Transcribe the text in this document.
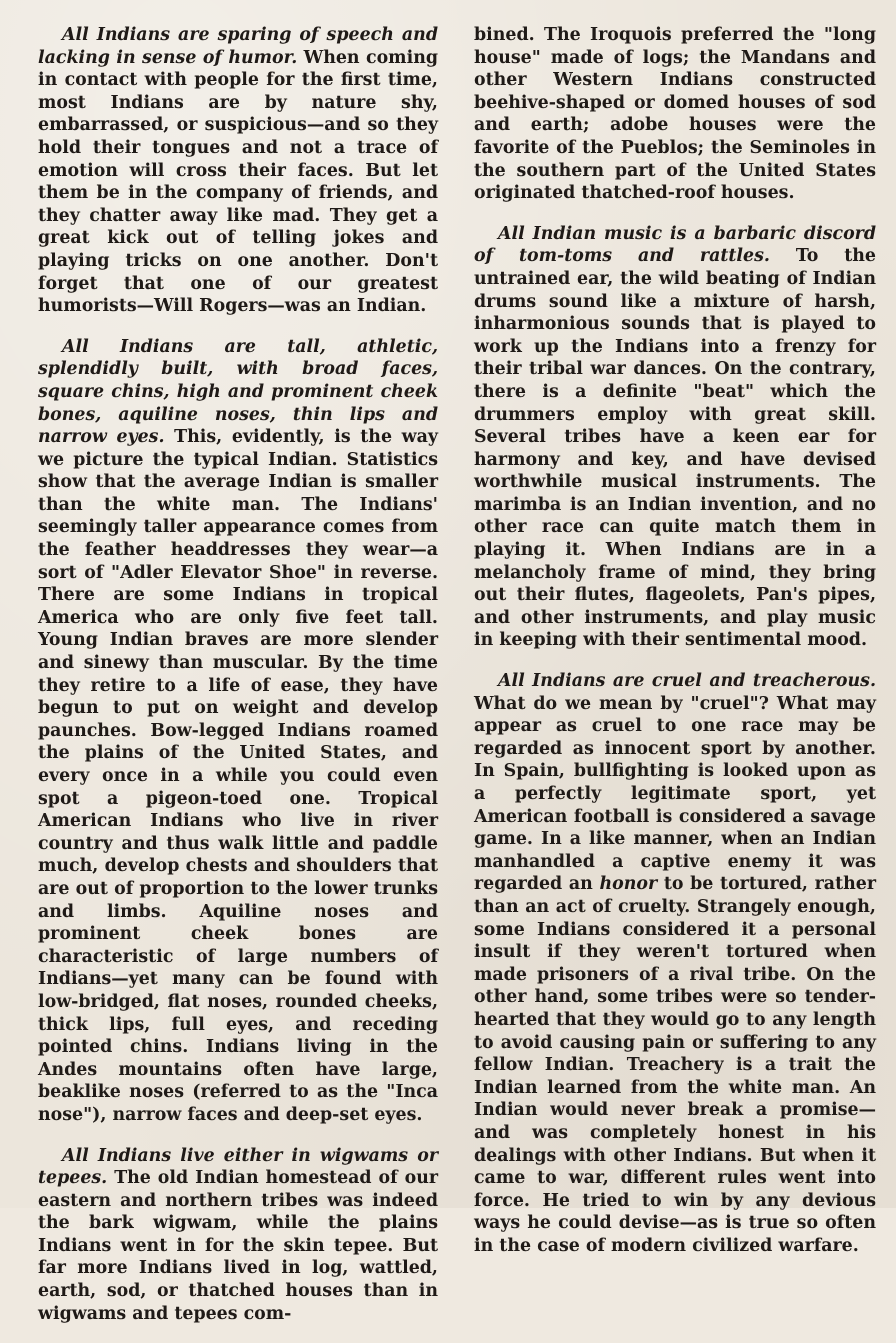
All Indians are sparing of speech and lacking in sense of humor. When coming in contact with people for the first time, most Indians are by nature shy, embarrassed, or suspicious—and so they hold their tongues and not a trace of emotion will cross their faces. But let them be in the company of friends, and they chatter away like mad. They get a great kick out of telling jokes and playing tricks on one another. Don't forget that one of our greatest humorists—Will Rogers—was an Indian.

All Indians are tall, athletic, splendidly built, with broad faces, square chins, high and prominent cheek bones, aquiline noses, thin lips and narrow eyes. This, evidently, is the way we picture the typical Indian. Statistics show that the average Indian is smaller than the white man. The Indians' seemingly taller appearance comes from the feather headdresses they wear—a sort of "Adler Elevator Shoe" in reverse. There are some Indians in tropical America who are only five feet tall. Young Indian braves are more slender and sinewy than muscular. By the time they retire to a life of ease, they have begun to put on weight and develop paunches. Bow-legged Indians roamed the plains of the United States, and every once in a while you could even spot a pigeon-toed one. Tropical American Indians who live in river country and thus walk little and paddle much, develop chests and shoulders that are out of proportion to the lower trunks and limbs. Aquiline noses and prominent cheek bones are characteristic of large numbers of Indians—yet many can be found with low-bridged, flat noses, rounded cheeks, thick lips, full eyes, and receding pointed chins. Indians living in the Andes mountains often have large, beaklike noses (referred to as the "Inca nose"), narrow faces and deep-set eyes.

All Indians live either in wigwams or tepees. The old Indian homestead of our eastern and northern tribes was indeed the bark wigwam, while the plains Indians went in for the skin tepee. But far more Indians lived in log, wattled, earth, sod, or thatched houses than in wigwams and tepees com-

bined. The Iroquois preferred the "long house" made of logs; the Mandans and other Western Indians constructed beehive-shaped or domed houses of sod and earth; adobe houses were the favorite of the Pueblos; the Seminoles in the southern part of the United States originated thatched-roof houses.

All Indian music is a barbaric discord of tom-toms and rattles. To the untrained ear, the wild beating of Indian drums sound like a mixture of harsh, inharmonious sounds that is played to work up the Indians into a frenzy for their tribal war dances. On the contrary, there is a definite "beat" which the drummers employ with great skill. Several tribes have a keen ear for harmony and key, and have devised worthwhile musical instruments. The marimba is an Indian invention, and no other race can quite match them in playing it. When Indians are in a melancholy frame of mind, they bring out their flutes, flageolets, Pan's pipes, and other instruments, and play music in keeping with their sentimental mood.

All Indians are cruel and treacherous. What do we mean by "cruel"? What may appear as cruel to one race may be regarded as innocent sport by another. In Spain, bullfighting is looked upon as a perfectly legitimate sport, yet American football is considered a savage game. In a like manner, when an Indian manhandled a captive enemy it was regarded an honor to be tortured, rather than an act of cruelty. Strangely enough, some Indians considered it a personal insult if they weren't tortured when made prisoners of a rival tribe. On the other hand, some tribes were so tender-hearted that they would go to any length to avoid causing pain or suffering to any fellow Indian. Treachery is a trait the Indian learned from the white man. An Indian would never break a promise—and was completely honest in his dealings with other Indians. But when it came to war, different rules went into force. He tried to win by any devious ways he could devise—as is true so often in the case of modern civilized warfare.
